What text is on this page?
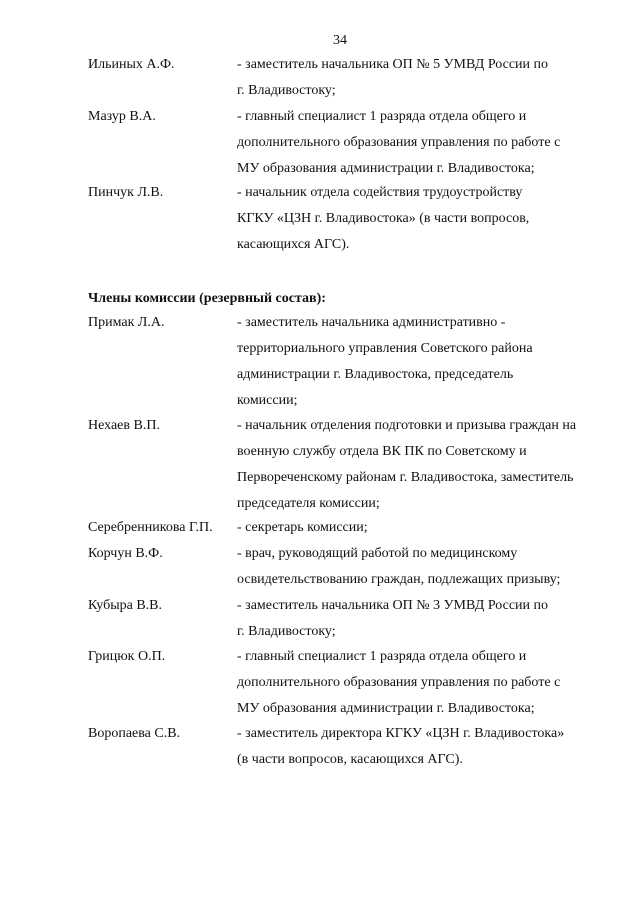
34
Ильиных А.Ф.	- заместитель начальника ОП № 5 УМВД России по
г. Владивостоку;
Мазур В.А.	- главный специалист 1 разряда отдела общего и
дополнительного образования управления по работе с
МУ образования администрации г. Владивостока;
Пинчук Л.В.	- начальник отдела содействия трудоустройству
КГКУ «ЦЗН г. Владивостока» (в части вопросов,
касающихся АГС).
Члены комиссии (резервный состав):
Примак Л.А.	- заместитель начальника административно -
территориального управления Советского района
администрации г. Владивостока, председатель
комиссии;
Нехаев В.П.	- начальник отделения подготовки и призыва граждан на
военную службу отдела ВК ПК по Советскому и
Первореченскому районам г. Владивостока, заместитель
председателя комиссии;
Серебренникова Г.П. - секретарь комиссии;
Корчун В.Ф.	- врач, руководящий работой по медицинскому
освидетельствованию граждан, подлежащих призыву;
Кубыра В.В.	- заместитель начальника ОП № 3 УМВД России по
г. Владивостоку;
Грицюк О.П.	- главный специалист 1 разряда отдела общего и
дополнительного образования управления по работе с
МУ образования администрации г. Владивостока;
Воропаева С.В.	- заместитель директора КГКУ «ЦЗН г. Владивостока»
(в части вопросов, касающихся АГС).
